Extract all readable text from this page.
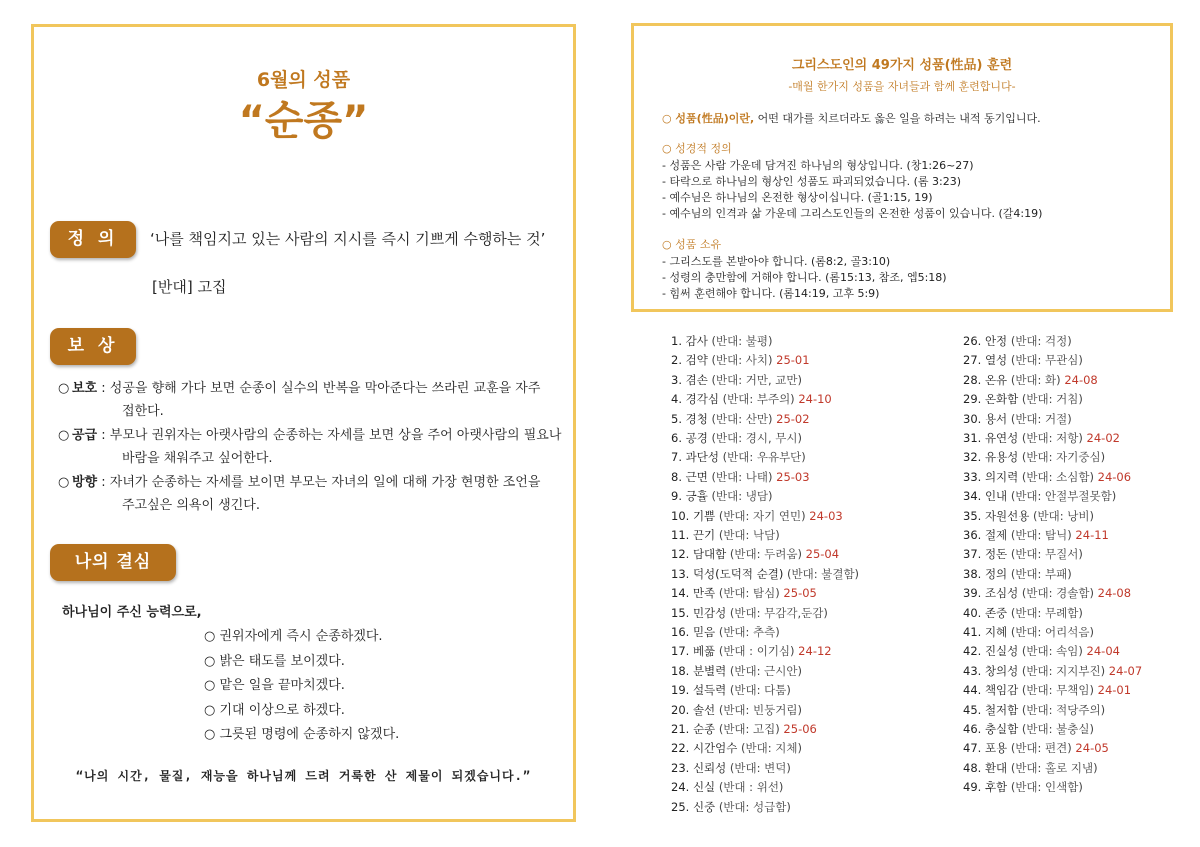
6월의 성품
“순종”
정 의	‘나를 책임지고 있는 사람의 지시를 즉시 기쁘게 수행하는 것’
[반대] 고집
보 상
○ 보호 : 성공을 향해 가다 보면 순종이 실수의 반복을 막아준다는 쓰라린 교훈을 자주
접한다.
○ 공급 : 부모나 권위자는 아랫사람의 순종하는 자세를 보면 상을 주어 아랫사람의 필요나
바람을 채워주고 싶어한다.
○ 방향 : 자녀가 순종하는 자세를 보이면 부모는 자녀의 일에 대해 가장 현명한 조언을
주고싶은 의욕이 생긴다.
나의 결심
하나님이 주신 능력으로,
○ 권위자에게 즉시 순종하겠다.
○ 밝은 태도를 보이겠다.
○ 맡은 일을 끝마치겠다.
○ 기대 이상으로 하겠다.
○ 그릇된 명령에 순종하지 않겠다.
“나의 시간, 물질, 재능을 하나님께 드려 거룩한 산 제물이 되겠습니다.”
그리스도인의 49가지 성품(性品) 훈련
-매월 한가지 성품을 자녀들과 함께 훈련합니다-
○ 성품(性品)이란, 어떤 대가를 치르더라도 옳은 일을 하려는 내적 동기입니다.
○ 성경적 정의
- 성품은 사람 가운데 담겨진 하나님의 형상입니다. (창1:26~27)
- 타락으로 하나님의 형상인 성품도 파괴되었습니다. (롬 3:23)
- 예수님은 하나님의 온전한 형상이십니다. (골1:15, 19)
- 예수님의 인격과 삶 가운데 그리스도인들의 온전한 성품이 있습니다. (갈4:19)
○ 성품 소유
- 그리스도를 본받아야 합니다. (롬8:2, 골3:10)
- 성령의 충만함에 거해야 합니다. (롬15:13, 참조, 엡5:18)
- 힘써 훈련해야 합니다. (롬14:19, 고후 5:9)
1. 감사 (반대: 불평)
2. 검약 (반대: 사치) 25-01
3. 겸손 (반대: 거만, 교만)
4. 경각심 (반대: 부주의) 24-10
5. 경청 (반대: 산만) 25-02
6. 공경 (반대: 경시, 무시)
7. 과단성 (반대: 우유부단)
8. 근면 (반대: 나태) 25-03
9. 긍휼 (반대: 냉담)
10. 기쁨 (반대: 자기 연민) 24-03
11. 끈기 (반대: 낙담)
12. 담대함 (반대: 두려움) 25-04
13. 덕성(도덕적 순결) (반대: 불결함)
14. 만족 (반대: 탐심) 25-05
15. 민감성 (반대: 무감각,둔감)
16. 믿음 (반대: 추측)
17. 베풂 (반대 : 이기심) 24-12
18. 분별력 (반대: 근시안)
19. 설득력 (반대: 다툼)
20. 솔선 (반대: 빈둥거림)
21. 순종 (반대: 고집) 25-06
22. 시간엄수 (반대: 지체)
23. 신뢰성 (반대: 변덕)
24. 신실 (반대 : 위선)
25. 신중 (반대: 성급함)
26. 안정 (반대: 걱정)
27. 열성 (반대: 무관심)
28. 온유 (반대: 화) 24-08
29. 온화함 (반대: 거침)
30. 용서 (반대: 거절)
31. 유연성 (반대: 저항) 24-02
32. 유용성 (반대: 자기중심)
33. 의지력 (반대: 소심함) 24-06
34. 인내 (반대: 안절부절못함)
35. 자원선용 (반대: 낭비)
36. 절제 (반대: 탐닉) 24-11
37. 정돈 (반대: 무질서)
38. 정의 (반대: 부패)
39. 조심성 (반대: 경솔함) 24-08
40. 존중 (반대: 무례함)
41. 지혜 (반대: 어리석음)
42. 진실성 (반대: 속임) 24-04
43. 창의성 (반대: 지지부진) 24-07
44. 책임감 (반대: 무책임) 24-01
45. 철저함 (반대: 적당주의)
46. 충실함 (반대: 불충실)
47. 포용 (반대: 편견) 24-05
48. 환대 (반대: 홀로 지냄)
49. 후함 (반대: 인색함)
